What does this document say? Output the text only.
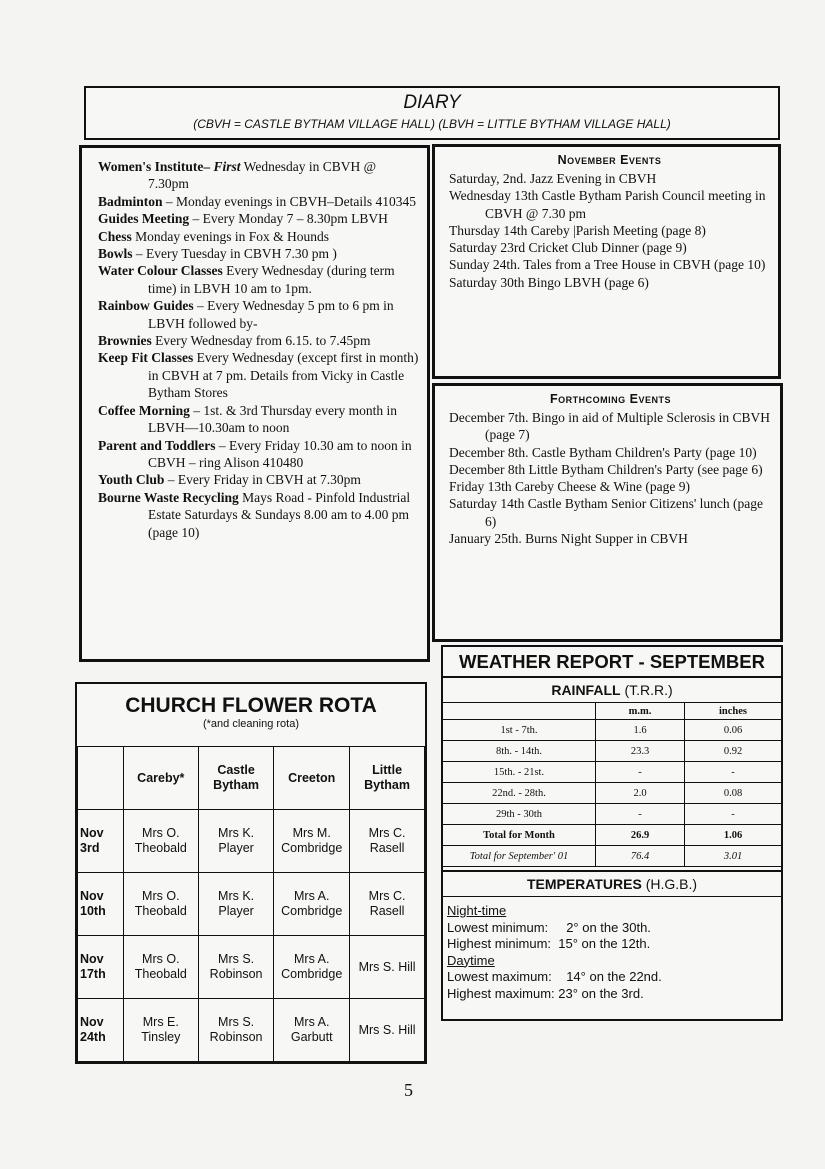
DIARY
(CBVH = CASTLE BYTHAM VILLAGE HALL) (LBVH = LITTLE BYTHAM VILLAGE HALL)
Women's Institute– First Wednesday in CBVH @ 7.30pm
Badminton – Monday evenings in CBVH–Details 410345
Guides Meeting – Every Monday 7 – 8.30pm LBVH
Chess Monday evenings in Fox & Hounds
Bowls – Every Tuesday in CBVH 7.30 pm )
Water Colour Classes Every Wednesday (during term time) in LBVH 10 am to 1pm.
Rainbow Guides – Every Wednesday 5 pm to 6 pm in LBVH followed by-
Brownies Every Wednesday from 6.15. to 7.45pm
Keep Fit Classes Every Wednesday (except first in month) in CBVH at 7 pm. Details from Vicky in Castle Bytham Stores
Coffee Morning – 1st. & 3rd Thursday every month in LBVH—10.30am to noon
Parent and Toddlers – Every Friday 10.30 am to noon in CBVH – ring Alison 410480
Youth Club – Every Friday in CBVH at 7.30pm
Bourne Waste Recycling Mays Road - Pinfold Industrial Estate Saturdays & Sundays 8.00 am to 4.00 pm (page 10)
November Events
Saturday, 2nd. Jazz Evening in CBVH
Wednesday 13th Castle Bytham Parish Council meeting in CBVH @ 7.30 pm
Thursday 14th Careby |Parish Meeting (page 8)
Saturday 23rd Cricket Club Dinner (page 9)
Sunday 24th. Tales from a Tree House in CBVH (page 10)
Saturday 30th Bingo LBVH (page 6)
Forthcoming Events
December 7th. Bingo in aid of Multiple Sclerosis in CBVH (page 7)
December 8th. Castle Bytham Children's Party (page 10)
December 8th Little Bytham Children's Party (see page 6)
Friday 13th Careby Cheese & Wine (page 9)
Saturday 14th Castle Bytham Senior Citizens' lunch (page 6)
January 25th. Burns Night Supper in CBVH
WEATHER REPORT - SEPTEMBER
RAINFALL (T.R.R.)
	m.m.	inches
1st - 7th.	1.6	0.06
8th. - 14th.	23.3	0.92
15th. - 21st.	-	-
22nd. - 28th.	2.0	0.08
29th - 30th	-	-
Total for Month	26.9	1.06
Total for September' 01	76.4	3.01
TEMPERATURES (H.G.B.)
Night-time
Lowest minimum:     2° on the 30th.
Highest minimum:  15° on the 12th.
Daytime
Lowest maximum:    14° on the 22nd.
Highest maximum: 23° on the 3rd.
CHURCH FLOWER ROTA
(*and cleaning rota)
	Careby*	Castle Bytham	Creeton	Little Bytham
Nov 3rd	Mrs O. Theobald	Mrs K. Player	Mrs M. Combridge	Mrs C. Rasell
Nov 10th	Mrs O. Theobald	Mrs K. Player	Mrs A. Combridge	Mrs C. Rasell
Nov 17th	Mrs O. Theobald	Mrs S. Robinson	Mrs A. Combridge	Mrs S. Hill
Nov 24th	Mrs E. Tinsley	Mrs S. Robinson	Mrs A. Garbutt	Mrs S. Hill
5
